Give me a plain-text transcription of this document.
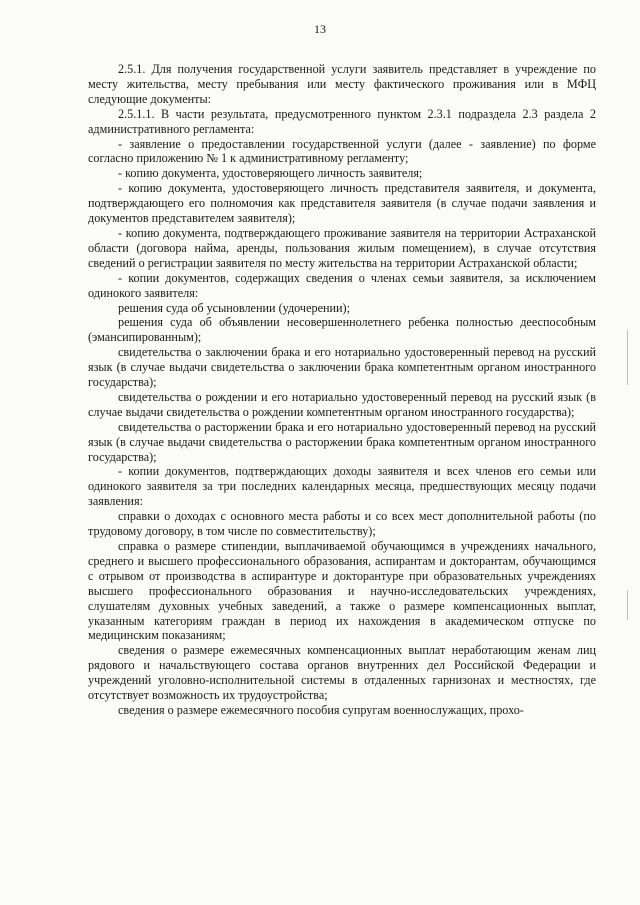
13

2.5.1. Для получения государственной услуги заявитель представляет в учреждение по месту жительства, месту пребывания или месту фактического проживания или в МФЦ следующие документы:

2.5.1.1. В части результата, предусмотренного пунктом 2.3.1 подраздела 2.3 раздела 2 административного регламента:

- заявление о предоставлении государственной услуги (далее - заявление) по форме согласно приложению № 1 к административному регламенту;

- копию документа, удостоверяющего личность заявителя;

- копию документа, удостоверяющего личность представителя заявителя, и документа, подтверждающего его полномочия как представителя заявителя (в случае подачи заявления и документов представителем заявителя);

- копию документа, подтверждающего проживание заявителя на территории Астраханской области (договора найма, аренды, пользования жилым помещением), в случае отсутствия сведений о регистрации заявителя по месту жительства на территории Астраханской области;

- копии документов, содержащих сведения о членах семьи заявителя, за исключением одинокого заявителя:

решения суда об усыновлении (удочерении);

решения суда об объявлении несовершеннолетнего ребенка полностью дееспособным (эмансипированным);

свидетельства о заключении брака и его нотариально удостоверенный перевод на русский язык (в случае выдачи свидетельства о заключении брака компетентным органом иностранного государства);

свидетельства о рождении и его нотариально удостоверенный перевод на русский язык (в случае выдачи свидетельства о рождении компетентным органом иностранного государства);

свидетельства о расторжении брака и его нотариально удостоверенный перевод на русский язык (в случае выдачи свидетельства о расторжении брака компетентным органом иностранного государства);

- копии документов, подтверждающих доходы заявителя и всех членов его семьи или одинокого заявителя за три последних календарных месяца, предшествующих месяцу подачи заявления:

справки о доходах с основного места работы и со всех мест дополнительной работы (по трудовому договору, в том числе по совместительству);

справка о размере стипендии, выплачиваемой обучающимся в учреждениях начального, среднего и высшего профессионального образования, аспирантам и докторантам, обучающимся с отрывом от производства в аспирантуре и докторантуре при образовательных учреждениях высшего профессионального образования и научно-исследовательских учреждениях, слушателям духовных учебных заведений, а также о размере компенсационных выплат, указанным категориям граждан в период их нахождения в академическом отпуске по медицинским показаниям;

сведения о размере ежемесячных компенсационных выплат неработающим женам лиц рядового и начальствующего состава органов внутренних дел Российской Федерации и учреждений уголовно-исполнительной системы в отдаленных гарнизонах и местностях, где отсутствует возможность их трудоустройства;

сведения о размере ежемесячного пособия супругам военнослужащих, прохо-
